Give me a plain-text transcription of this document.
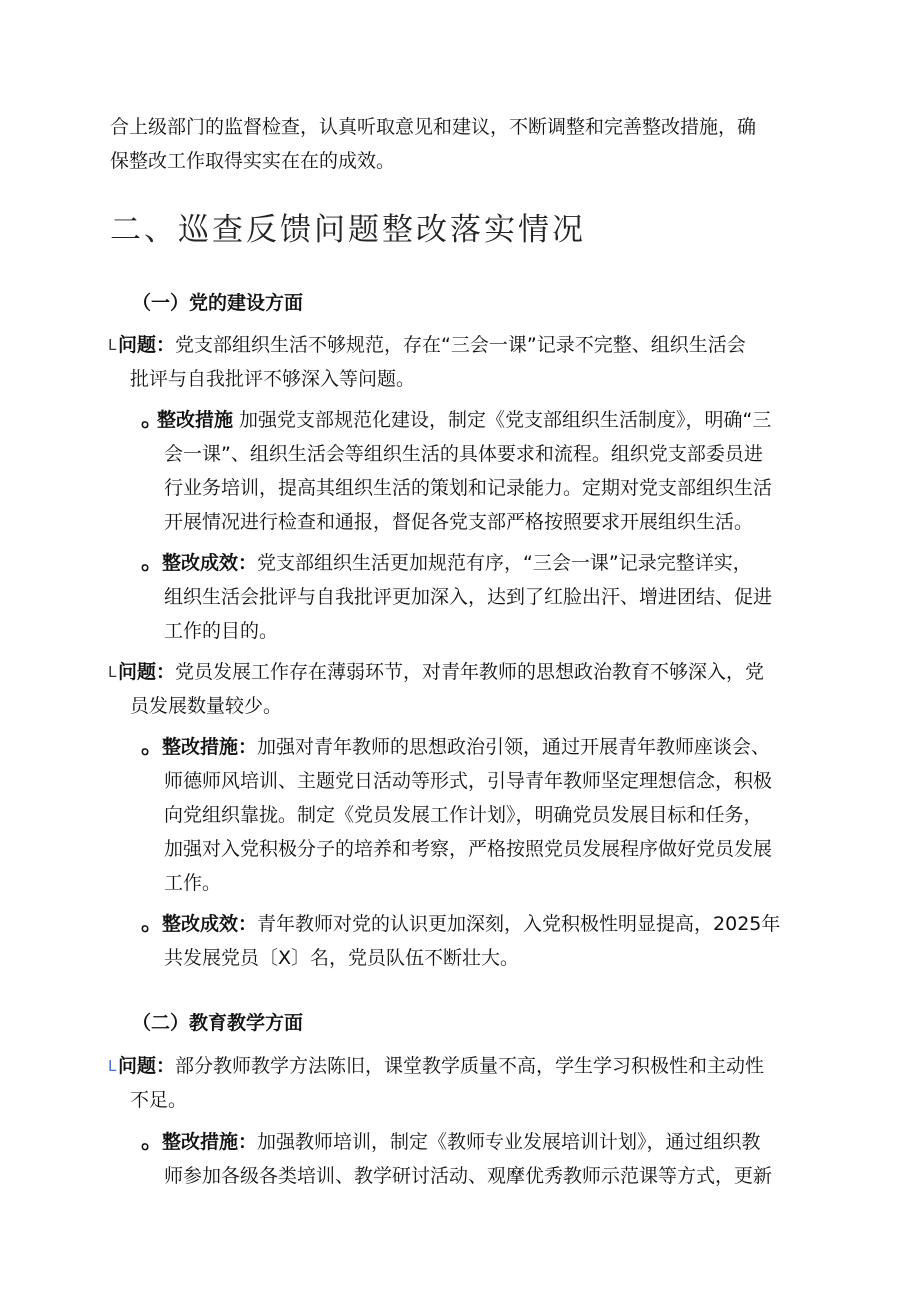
合上级部门的监督检查，认真听取意见和建议，不断调整和完善整改措施，确
保整改工作取得实实在在的成效。
二、巡查反馈问题整改落实情况
（一）党的建设方面
L 问题：党支部组织生活不够规范，存在“三会一课”记录不完整、组织生活会
批评与自我批评不够深入等问题。
。
整改措施 加强党支部规范化建设，制定《党支部组织生活制度》，明确“三
会一课”、组织生活会等组织生活的具体要求和流程。组织党支部委员进
行业务培训，提高其组织生活的策划和记录能力。定期对党支部组织生活
开展情况进行检查和通报，督促各党支部严格按照要求开展组织生活。
。
整改成效：党支部组织生活更加规范有序，“三会一课”记录完整详实，
组织生活会批评与自我批评更加深入，达到了红脸出汗、增进团结、促进
工作的目的。
L 问题：党员发展工作存在薄弱环节，对青年教师的思想政治教育不够深入，党
员发展数量较少。
。
整改措施：加强对青年教师的思想政治引领，通过开展青年教师座谈会、
师德师风培训、主题党日活动等形式，引导青年教师坚定理想信念，积极
向党组织靠拢。制定《党员发展工作计划》，明确党员发展目标和任务，
加强对入党积极分子的培养和考察，严格按照党员发展程序做好党员发展
工作。
。
整改成效：青年教师对党的认识更加深刻，入党积极性明显提高，2025年
共发展党员〔X〕名，党员队伍不断壮大。
（二）教育教学方面
L 问题：部分教师教学方法陈旧，课堂教学质量不高，学生学习积极性和主动性
不足。
。
整改措施：加强教师培训，制定《教师专业发展培训计划》，通过组织教
师参加各级各类培训、教学研讨活动、观摩优秀教师示范课等方式，更新
